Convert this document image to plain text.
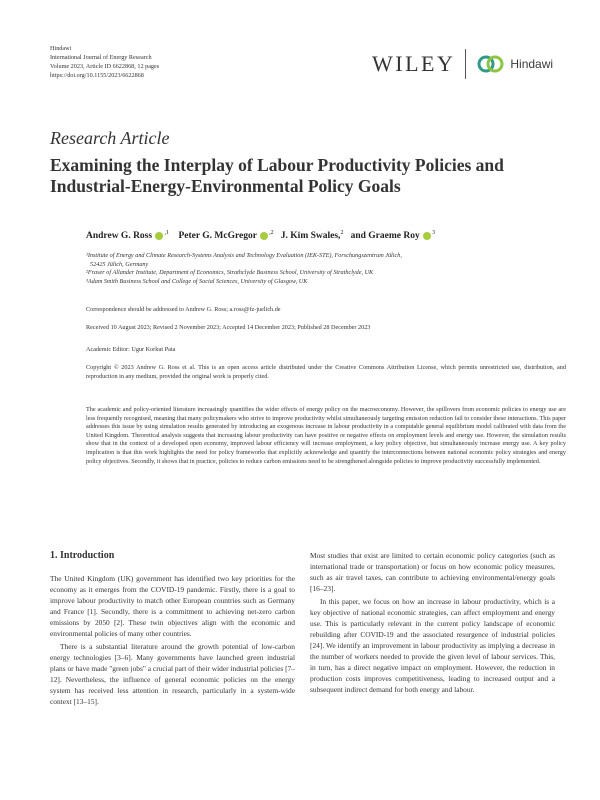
Hindawi
International Journal of Energy Research
Volume 2023, Article ID 6622868, 12 pages
https://doi.org/10.1155/2023/6622868	WILEY	Hindawi
Research Article
Examining the Interplay of Labour Productivity Policies and
Industrial-Energy-Environmental Policy Goals
Andrew G. Ross $^{,1}$ Peter G. McGregor $^{,2}$ J. Kim Swales,$^2$ and Graeme Roy $^3$
¹Institute of Energy and Climate Research-Systems Analysis and Technology Evaluation (IEK-STE), Forschungszentrum Jülich,
52425 Jülich, Germany
²Fraser of Allander Institute, Department of Economics, Strathclyde Business School, University of Strathclyde, UK
³Adam Smith Business School and College of Social Sciences, University of Glasgow, UK
Correspondence should be addressed to Andrew G. Ross; a.ross@fz-juelich.de
Received 10 August 2023; Revised 2 November 2023; Accepted 14 December 2023; Published 28 December 2023
Academic Editor: Ugur Korkut Pata
Copyright © 2023 Andrew G. Ross et al. This is an open access article distributed under the Creative Commons Attribution License, which permits unrestricted use, distribution, and reproduction in any medium, provided the original work is properly cited.
The academic and policy-oriented literature increasingly quantifies the wider effects of energy policy on the macroeconomy. However, the spillovers from economic policies to energy use are less frequently recognised, meaning that many policymakers who strive to improve productivity whilst simultaneously targeting emission reduction fail to consider these interactions. This paper addresses this issue by using simulation results generated by introducing an exogenous increase in labour productivity in a computable general equilibrium model calibrated with data from the United Kingdom. Theoretical analysis suggests that increasing labour productivity can have positive or negative effects on employment levels and energy use. However, the simulation results show that in the context of a developed open economy, improved labour efficiency will increase employment, a key policy objective, but simultaneously increase energy use. A key policy implication is that this work highlights the need for policy frameworks that explicitly acknowledge and quantify the interconnections between national economic policy strategies and energy policy objectives. Secondly, it shows that in practice, policies to reduce carbon emissions need to be strengthened alongside policies to improve productivity successfully implemented.
1. Introduction

The United Kingdom (UK) government has identified two key priorities for the economy as it emerges from the COVID-19 pandemic. Firstly, there is a goal to improve labour productivity to match other European countries such as Germany and France [1]. Secondly, there is a commitment to achieving net-zero carbon emissions by 2050 [2]. These twin objectives align with the economic and environmental policies of many other countries.

There is a substantial literature around the growth potential of low-carbon energy technologies [3–6]. Many governments have launched green industrial plans or have made "green jobs" a crucial part of their wider industrial policies [7–12]. Nevertheless, the influence of general economic policies on the energy system has received less attention in research, particularly in a system-wide context [13–15].

Most studies that exist are limited to certain economic policy categories (such as international trade or transportation) or focus on how economic policy measures, such as air travel taxes, can contribute to achieving environmental/energy goals [16–23].

In this paper, we focus on how an increase in labour productivity, which is a key objective of national economic strategies, can affect employment and energy use. This is particularly relevant in the current policy landscape of economic rebuilding after COVID-19 and the associated resurgence of industrial policies [24]. We identify an improvement in labour productivity as implying a decrease in the number of workers needed to provide the given level of labour services. This, in turn, has a direct negative impact on employment. However, the reduction in production costs improves competitiveness, leading to increased output and a subsequent indirect demand for both energy and labour.
